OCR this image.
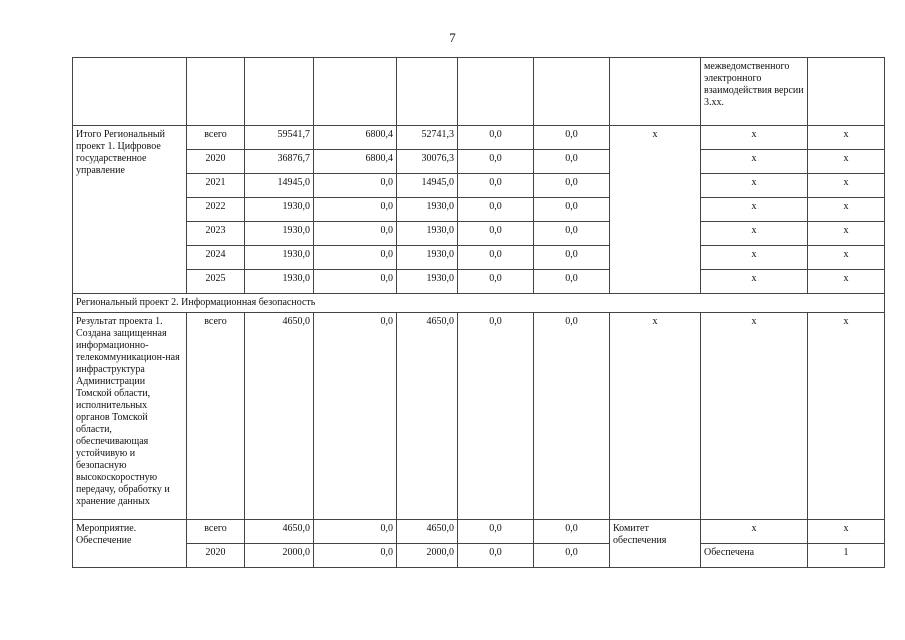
7
								межведомственного электронного взаимодействия версии 3.хх.	
Итого Региональный проект 1. Цифровое государственное управление	всего	59541,7	6800,4	52741,3	0,0	0,0	х	х	х
	2020	36876,7	6800,4	30076,3	0,0	0,0		х	х
	2021	14945,0	0,0	14945,0	0,0	0,0		х	х
	2022	1930,0	0,0	1930,0	0,0	0,0		х	х
	2023	1930,0	0,0	1930,0	0,0	0,0		х	х
	2024	1930,0	0,0	1930,0	0,0	0,0		х	х
	2025	1930,0	0,0	1930,0	0,0	0,0		х	х
Региональный проект 2. Информационная безопасность									
Результат проекта 1. Создана защищенная информационно-телекоммуникацион-ная инфраструктура Администрации Томской области, исполнительных органов Томской области, обеспечивающая устойчивую и безопасную высокоскоростную передачу, обработку и хранение данных	всего	4650,0	0,0	4650,0	0,0	0,0	х	х	х
Мероприятие. Обеспечение	всего	4650,0	0,0	4650,0	0,0	0,0	Комитет обеспечения	х	х
	2020	2000,0	0,0	2000,0	0,0	0,0		Обеспечена	1
